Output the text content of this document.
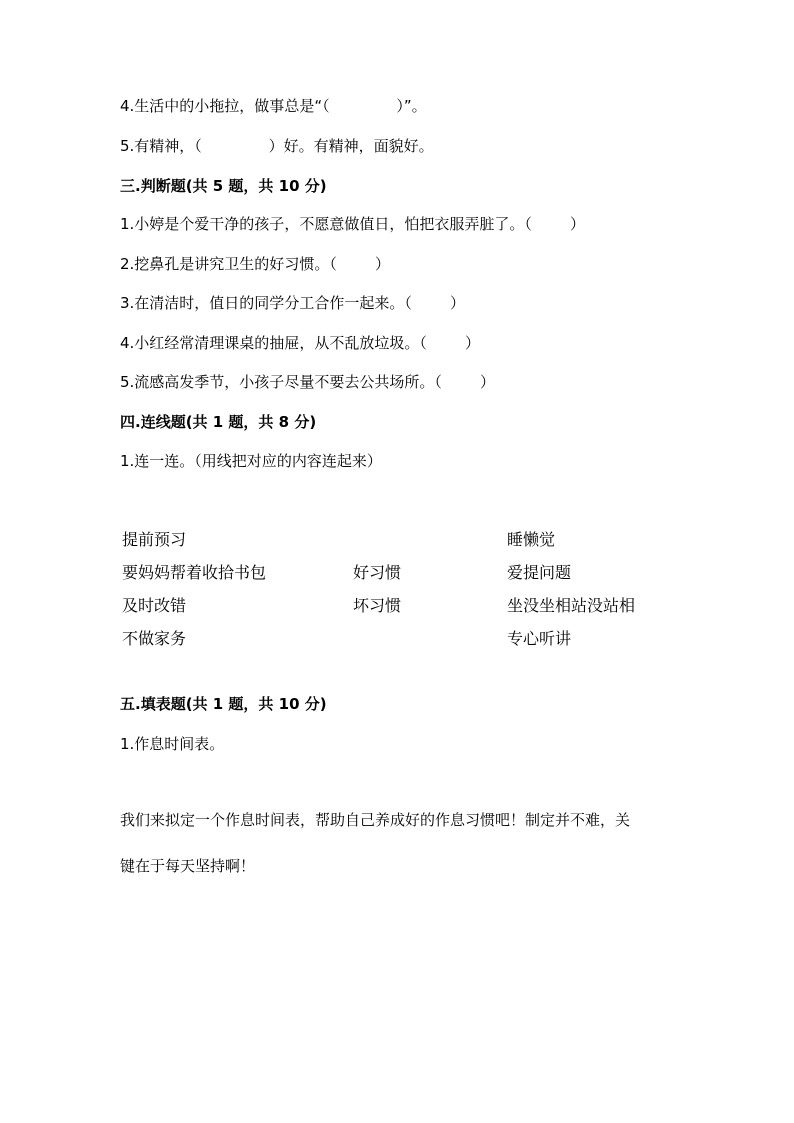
4.生活中的小拖拉，做事总是“（              ）”。
5.有精神，（              ）好。有精神，面貌好。
三.判断题(共 5 题，共 10 分)
1.小婷是个爱干净的孩子，不愿意做值日，怕把衣服弄脏了。（        ）
2.挖鼻孔是讲究卫生的好习惯。（        ）
3.在清洁时，值日的同学分工合作一起来。（        ）
4.小红经常清理课桌的抽屉，从不乱放垃圾。（        ）
5.流感高发季节，小孩子尽量不要去公共场所。（        ）
四.连线题(共 1 题，共 8 分)
1.连一连。（用线把对应的内容连起来）
提前预习
要妈妈帮着收拾书包
及时改错
不做家务
好习惯
坏习惯
睡懒觉
爱提问题
坐没坐相站没站相
专心听讲
五.填表题(共 1 题，共 10 分)
1.作息时间表。
我们来拟定一个作息时间表，帮助自己养成好的作息习惯吧！制定并不难，关
键在于每天坚持啊！
